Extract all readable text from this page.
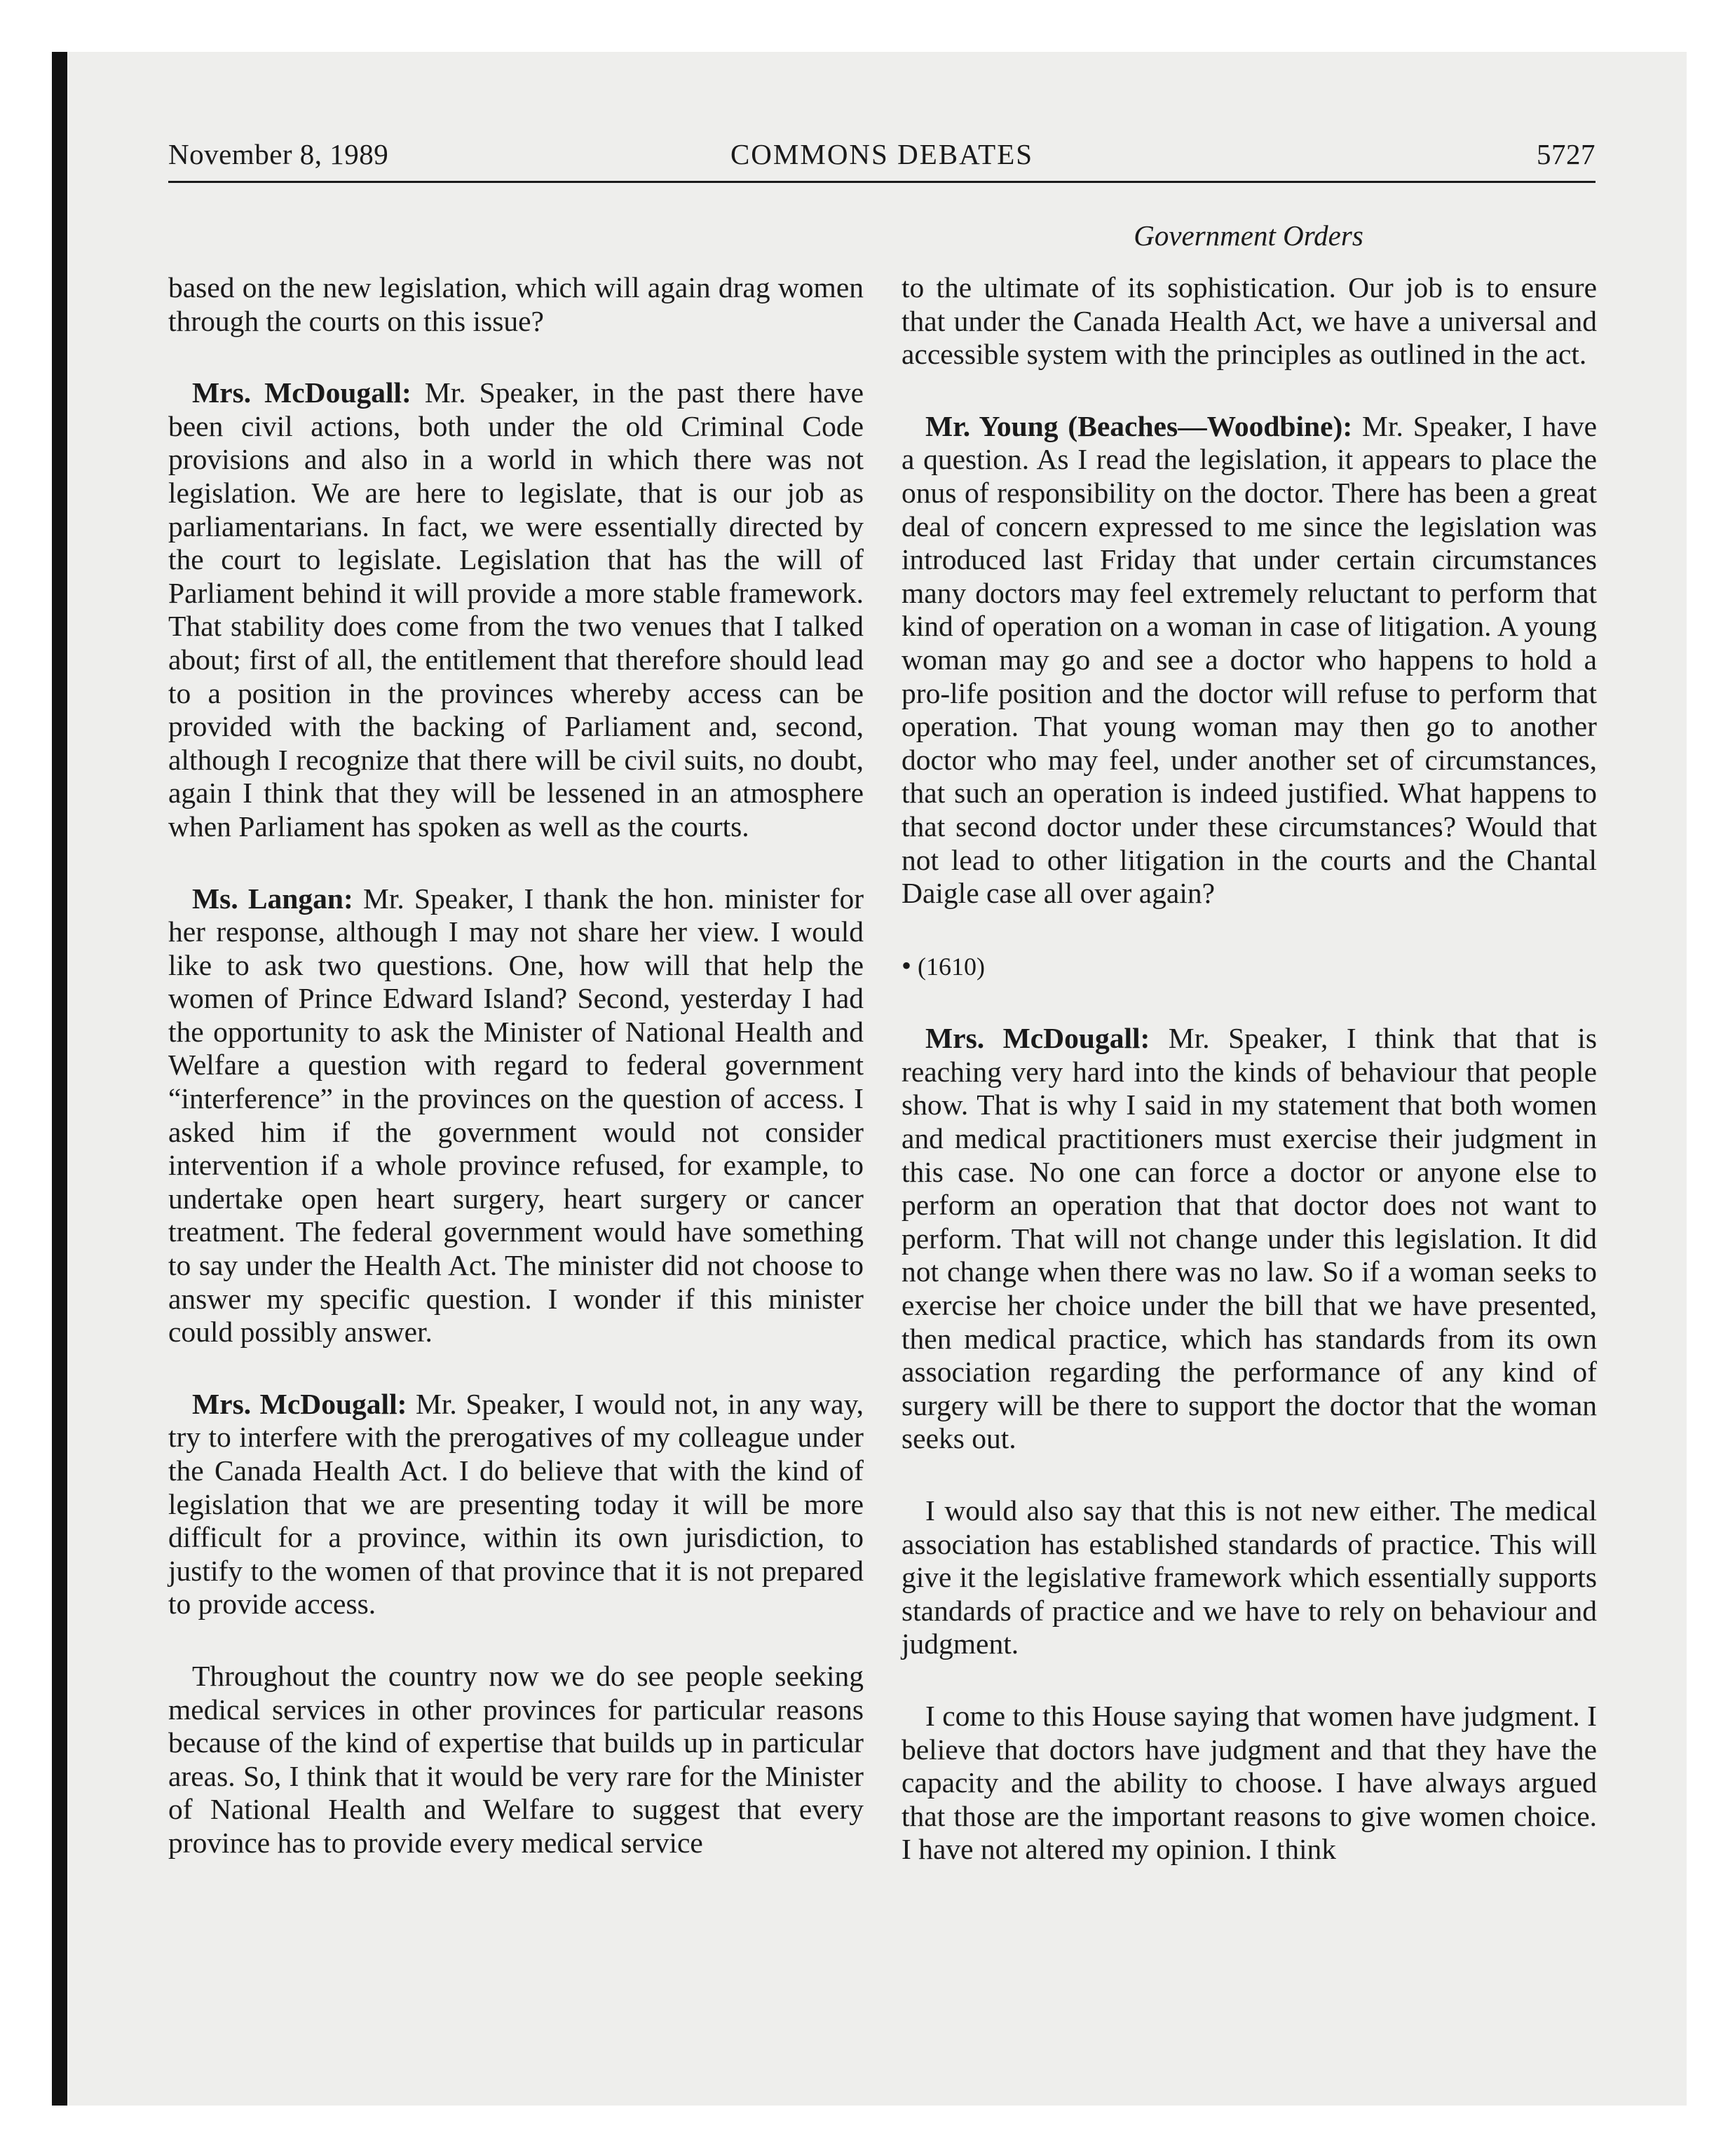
November 8, 1989	COMMONS DEBATES	5727
Government Orders

based on the new legislation, which will again drag women through the courts on this issue?

Mrs. McDougall: Mr. Speaker, in the past there have been civil actions, both under the old Criminal Code provisions and also in a world in which there was not legislation. We are here to legislate, that is our job as parliamentarians. In fact, we were essentially directed by the court to legislate. Legislation that has the will of Parliament behind it will provide a more stable framework. That stability does come from the two venues that I talked about; first of all, the entitlement that therefore should lead to a position in the provinces whereby access can be provided with the backing of Parliament and, second, although I recognize that there will be civil suits, no doubt, again I think that they will be lessened in an atmosphere when Parliament has spoken as well as the courts.

Ms. Langan: Mr. Speaker, I thank the hon. minister for her response, although I may not share her view. I would like to ask two questions. One, how will that help the women of Prince Edward Island? Second, yesterday I had the opportunity to ask the Minister of National Health and Welfare a question with regard to federal government “interference” in the provinces on the question of access. I asked him if the government would not consider intervention if a whole province refused, for example, to undertake open heart surgery, heart surgery or cancer treatment. The federal government would have something to say under the Health Act. The minister did not choose to answer my specific question. I wonder if this minister could possibly answer.

Mrs. McDougall: Mr. Speaker, I would not, in any way, try to interfere with the prerogatives of my colleague under the Canada Health Act. I do believe that with the kind of legislation that we are presenting today it will be more difficult for a province, within its own jurisdiction, to justify to the women of that province that it is not prepared to provide access.

Throughout the country now we do see people seeking medical services in other provinces for particular reasons because of the kind of expertise that builds up in particular areas. So, I think that it would be very rare for the Minister of National Health and Welfare to suggest that every province has to provide every medical service

to the ultimate of its sophistication. Our job is to ensure that under the Canada Health Act, we have a universal and accessible system with the principles as outlined in the act.

Mr. Young (Beaches—Woodbine): Mr. Speaker, I have a question. As I read the legislation, it appears to place the onus of responsibility on the doctor. There has been a great deal of concern expressed to me since the legislation was introduced last Friday that under certain circumstances many doctors may feel extremely reluctant to perform that kind of operation on a woman in case of litigation. A young woman may go and see a doctor who happens to hold a pro-life position and the doctor will refuse to perform that operation. That young woman may then go to another doctor who may feel, under another set of circumstances, that such an operation is indeed justified. What happens to that second doctor under these circumstances? Would that not lead to other litigation in the courts and the Chantal Daigle case all over again?

• (1610)

Mrs. McDougall: Mr. Speaker, I think that that is reaching very hard into the kinds of behaviour that people show. That is why I said in my statement that both women and medical practitioners must exercise their judgment in this case. No one can force a doctor or anyone else to perform an operation that that doctor does not want to perform. That will not change under this legislation. It did not change when there was no law. So if a woman seeks to exercise her choice under the bill that we have presented, then medical practice, which has standards from its own association regarding the performance of any kind of surgery will be there to support the doctor that the woman seeks out.

I would also say that this is not new either. The medical association has established standards of practice. This will give it the legislative framework which essentially supports standards of practice and we have to rely on behaviour and judgment.

I come to this House saying that women have judgment. I believe that doctors have judgment and that they have the capacity and the ability to choose. I have always argued that those are the important reasons to give women choice. I have not altered my opinion. I think
